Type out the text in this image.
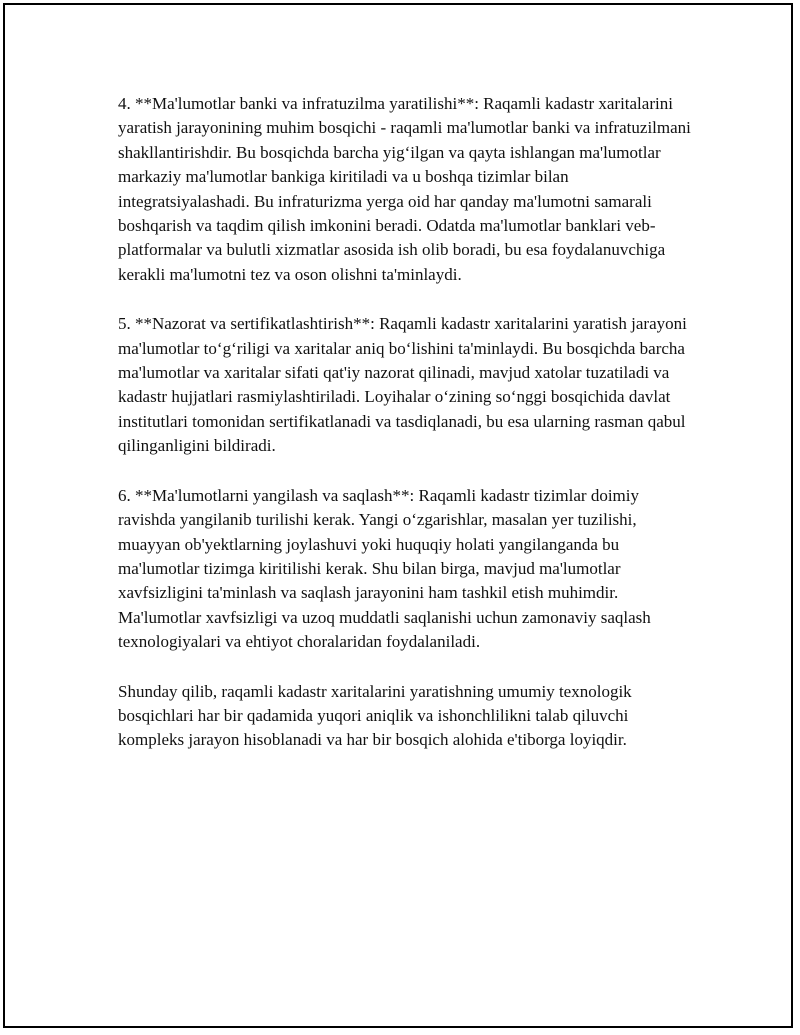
4. **Ma'lumotlar banki va infratuzilma yaratilishi**: Raqamli kadastr xaritalarini yaratish jarayonining muhim bosqichi - raqamli ma'lumotlar banki va infratuzilmani shakllantirishdir. Bu bosqichda barcha yig‘ilgan va qayta ishlangan ma'lumotlar markaziy ma'lumotlar bankiga kiritiladi va u boshqa tizimlar bilan integratsiyalashadi. Bu infraturizma yerga oid har qanday ma'lumotni samarali boshqarish va taqdim qilish imkonini beradi. Odatda ma'lumotlar banklari veb-platformalar va bulutli xizmatlar asosida ish olib boradi, bu esa foydalanuvchiga kerakli ma'lumotni tez va oson olishni ta'minlaydi.

5. **Nazorat va sertifikatlashtirish**: Raqamli kadastr xaritalarini yaratish jarayoni ma'lumotlar to‘g‘riligi va xaritalar aniq bo‘lishini ta'minlaydi. Bu bosqichda barcha ma'lumotlar va xaritalar sifati qat'iy nazorat qilinadi, mavjud xatolar tuzatiladi va kadastr hujjatlari rasmiylashtiriladi. Loyihalar o‘zining so‘nggi bosqichida davlat institutlari tomonidan sertifikatlanadi va tasdiqlanadi, bu esa ularning rasman qabul qilinganligini bildiradi.

6. **Ma'lumotlarni yangilash va saqlash**: Raqamli kadastr tizimlar doimiy ravishda yangilanib turilishi kerak. Yangi o‘zgarishlar, masalan yer tuzilishi, muayyan ob'yektlarning joylashuvi yoki huquqiy holati yangilanganda bu ma'lumotlar tizimga kiritilishi kerak. Shu bilan birga, mavjud ma'lumotlar xavfsizligini ta'minlash va saqlash jarayonini ham tashkil etish muhimdir. Ma'lumotlar xavfsizligi va uzoq muddatli saqlanishi uchun zamonaviy saqlash texnologiyalari va ehtiyot choralaridan foydalaniladi.

Shunday qilib, raqamli kadastr xaritalarini yaratishning umumiy texnologik bosqichlari har bir qadamida yuqori aniqlik va ishonchlilikni talab qiluvchi kompleks jarayon hisoblanadi va har bir bosqich alohida e'tiborga loyiqdir.
